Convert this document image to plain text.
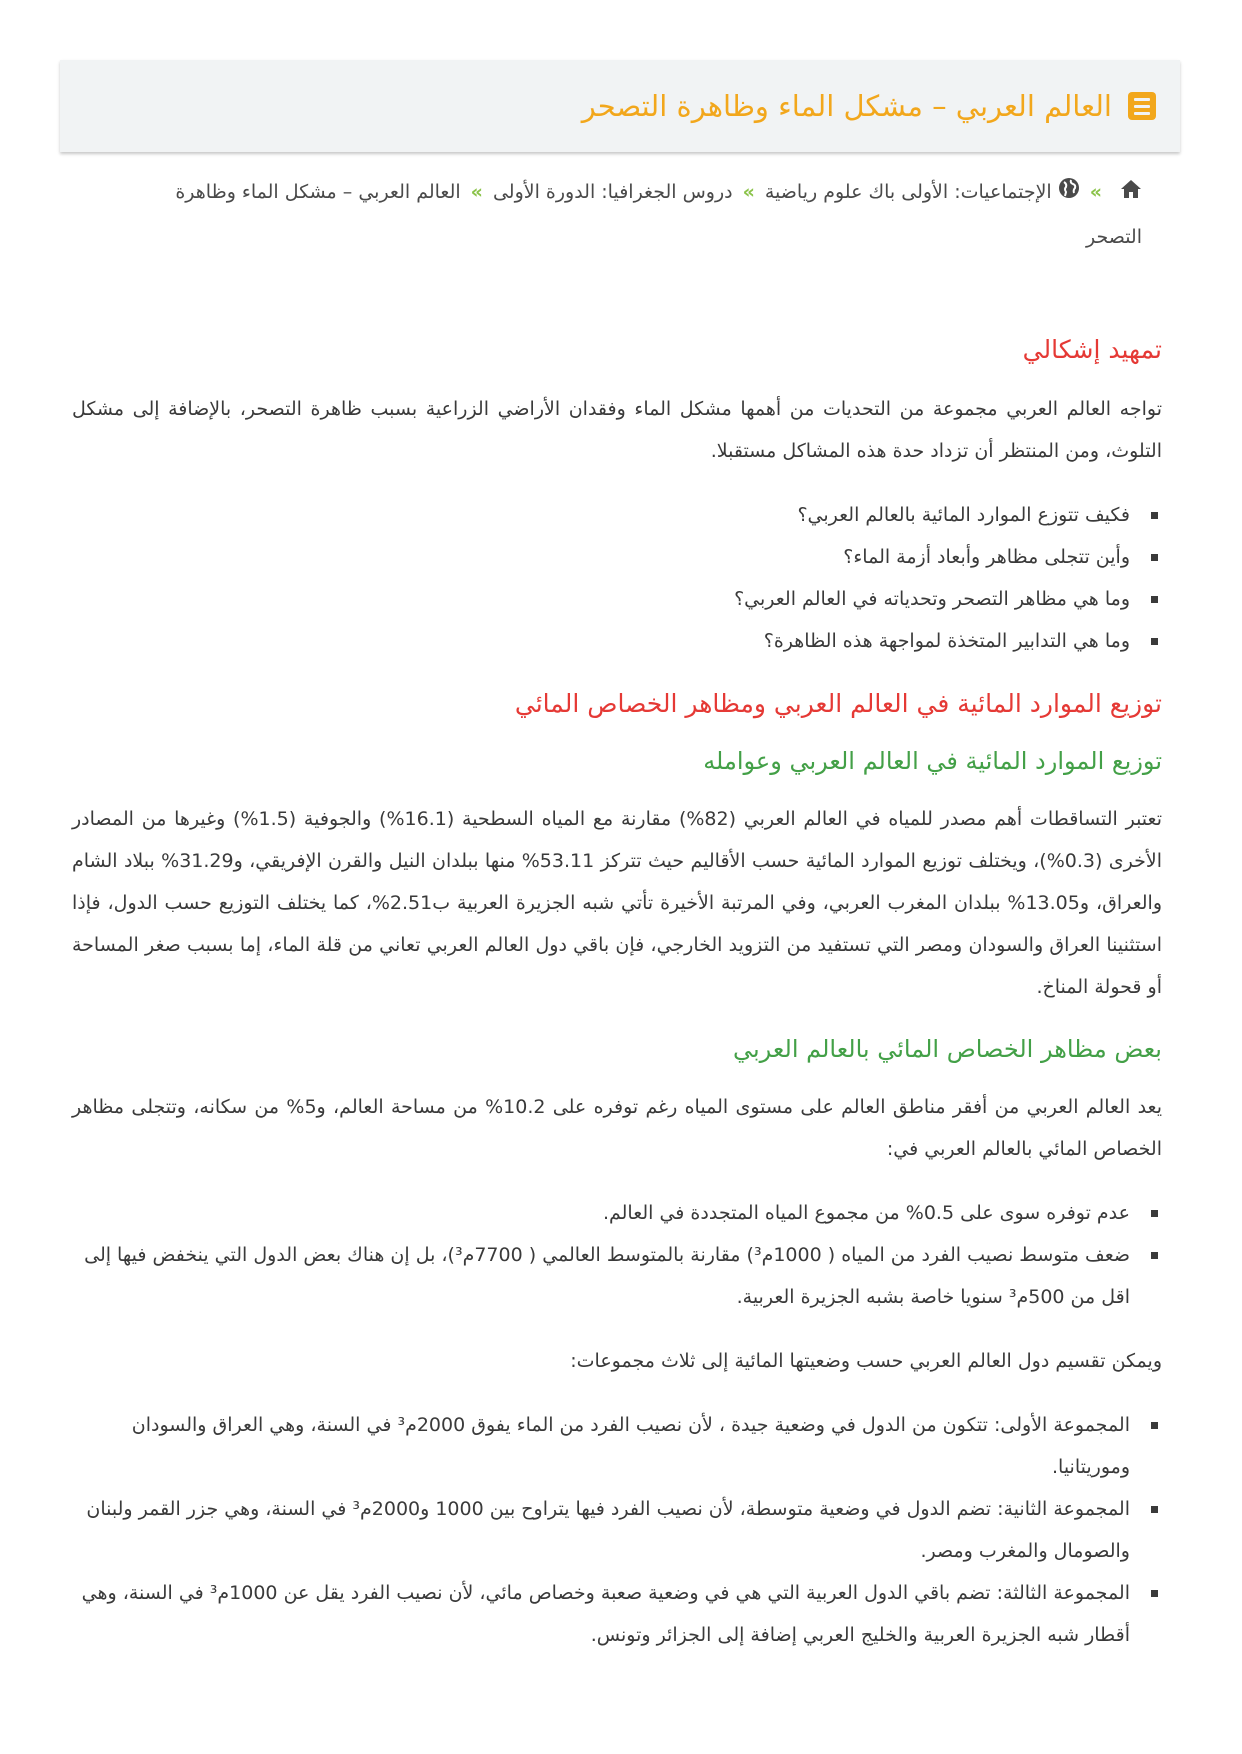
العالم العربي – مشكل الماء وظاهرة التصحر
»الإجتماعيات: الأولى باك علوم رياضية»دروس الجغرافيا: الدورة الأولى»العالم العربي – مشكل الماء وظاهرة التصحر
تمهيد إشكالي

تواجه العالم العربي مجموعة من التحديات من أهمها مشكل الماء وفقدان الأراضي الزراعية بسبب ظاهرة التصحر، بالإضافة إلى مشكل التلوث، ومن المنتظر أن تزداد حدة هذه المشاكل مستقبلا.

فكيف تتوزع الموارد المائية بالعالم العربي؟
وأين تتجلى مظاهر وأبعاد أزمة الماء؟
وما هي مظاهر التصحر وتحدياته في العالم العربي؟
وما هي التدابير المتخذة لمواجهة هذه الظاهرة؟
توزيع الموارد المائية في العالم العربي ومظاهر الخصاص المائي
توزيع الموارد المائية في العالم العربي وعوامله

تعتبر التساقطات أهم مصدر للمياه في العالم العربي (82%) مقارنة مع المياه السطحية (16.1%) والجوفية (1.5%) وغيرها من المصادر الأخرى (0.3%)، ويختلف توزيع الموارد المائية حسب الأقاليم حيث تتركز 53.11% منها ببلدان النيل والقرن الإفريقي، و31.29% ببلاد الشام والعراق، و13.05% ببلدان المغرب العربي، وفي المرتبة الأخيرة تأتي شبه الجزيرة العربية ب2.51%، كما يختلف التوزيع حسب الدول، فإذا استثنينا العراق والسودان ومصر التي تستفيد من التزويد الخارجي، فإن باقي دول العالم العربي تعاني من قلة الماء، إما بسبب صغر المساحة أو قحولة المناخ.

بعض مظاهر الخصاص المائي بالعالم العربي

يعد العالم العربي من أفقر مناطق العالم على مستوى المياه رغم توفره على 10.2% من مساحة العالم، و5% من سكانه، وتتجلى مظاهر الخصاص المائي بالعالم العربي في:

عدم توفره سوى على 0.5% من مجموع المياه المتجددة في العالم.
ضعف متوسط نصيب الفرد من المياه ( 1000م³) مقارنة بالمتوسط العالمي ( 7700م³)، بل إن هناك بعض الدول التي ينخفض فيها إلى اقل من 500م³ سنويا خاصة بشبه الجزيرة العربية.

ويمكن تقسيم دول العالم العربي حسب وضعيتها المائية إلى ثلاث مجموعات:

المجموعة الأولى: تتكون من الدول في وضعية جيدة ، لأن نصيب الفرد من الماء يفوق 2000م³ في السنة، وهي العراق والسودان وموريتانيا.
المجموعة الثانية: تضم الدول في وضعية متوسطة، لأن نصيب الفرد فيها يتراوح بين 1000 و2000م³ في السنة، وهي جزر القمر ولبنان والصومال والمغرب ومصر.
المجموعة الثالثة: تضم باقي الدول العربية التي هي في وضعية صعبة وخصاص مائي، لأن نصيب الفرد يقل عن 1000م³ في السنة، وهي أقطار شبه الجزيرة العربية والخليج العربي إضافة إلى الجزائر وتونس.
